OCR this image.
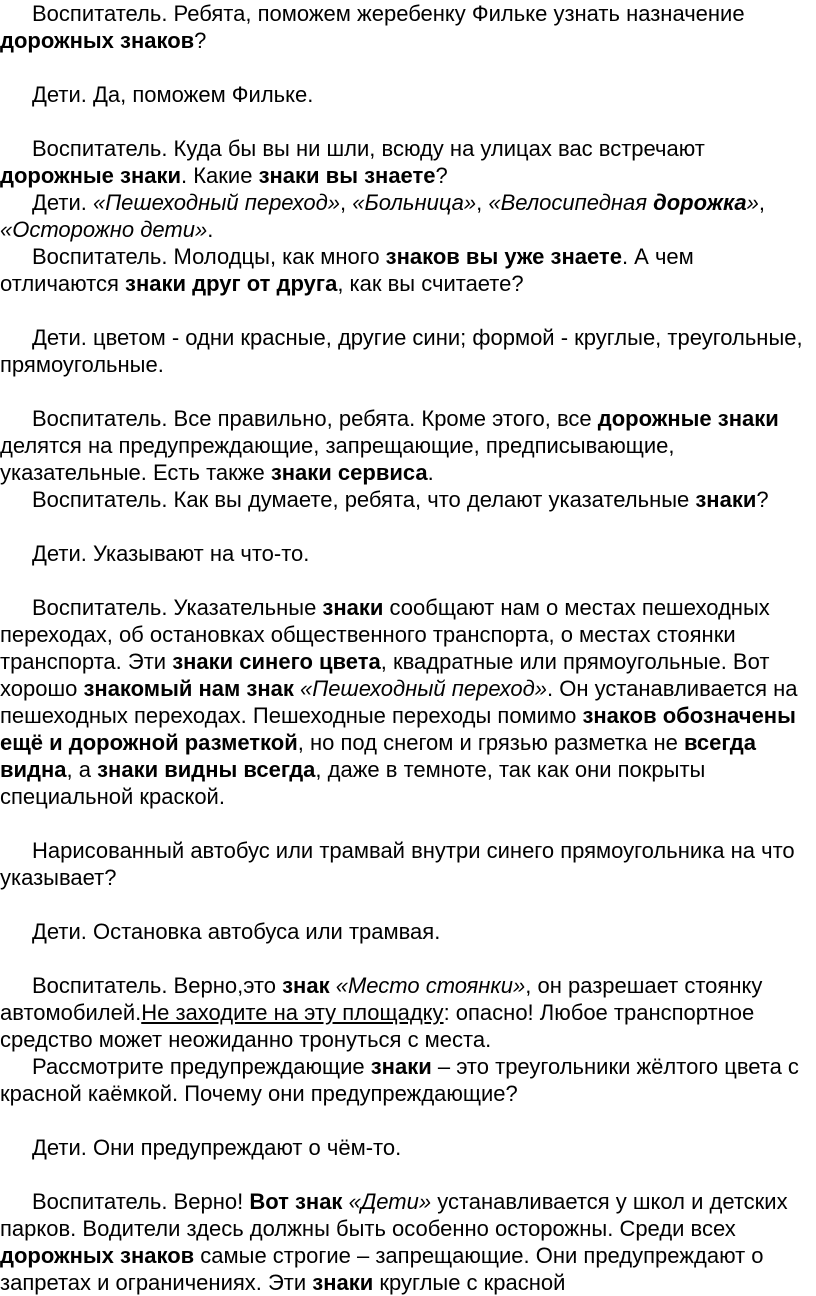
Воспитатель. Ребята, поможем жеребенку Фильке узнать назначение дорожных знаков?

Дети. Да, поможем Фильке.

Воспитатель. Куда бы вы ни шли, всюду на улицах вас встречают дорожные знаки. Какие знаки вы знаете?

Дети. «Пешеходный переход», «Больница», «Велосипедная дорожка», «Осторожно дети».

Воспитатель. Молодцы, как много знаков вы уже знаете. А чем отличаются знаки друг от друга, как вы считаете?

Дети. цветом - одни красные, другие сини; формой - круглые, треугольные, прямоугольные.

Воспитатель. Все правильно, ребята. Кроме этого, все дорожные знаки делятся на предупреждающие, запрещающие, предписывающие, указательные. Есть также знаки сервиса.

Воспитатель. Как вы думаете, ребята, что делают указательные знаки?

Дети. Указывают на что-то.

Воспитатель. Указательные знаки сообщают нам о местах пешеходных переходах, об остановках общественного транспорта, о местах стоянки транспорта. Эти знаки синего цвета, квадратные или прямоугольные. Вот хорошо знакомый нам знак «Пешеходный переход». Он устанавливается на пешеходных переходах. Пешеходные переходы помимо знаков обозначены ещё и дорожной разметкой, но под снегом и грязью разметка не всегда видна, а знаки видны всегда, даже в темноте, так как они покрыты специальной краской.

Нарисованный автобус или трамвай внутри синего прямоугольника на что указывает?

Дети. Остановка автобуса или трамвая.

Воспитатель. Верно,это знак «Место стоянки», он разрешает стоянку автомобилей.Не заходите на эту площадку: опасно! Любое транспортное средство может неожиданно тронуться с места.

Рассмотрите предупреждающие знаки – это треугольники жёлтого цвета с красной каёмкой. Почему они предупреждающие?

Дети. Они предупреждают о чём-то.

Воспитатель. Верно! Вот знак «Дети» устанавливается у школ и детских парков. Водители здесь должны быть особенно осторожны. Среди всех дорожных знаков самые строгие – запрещающие. Они предупреждают о запретах и ограничениях. Эти знаки круглые с красной
